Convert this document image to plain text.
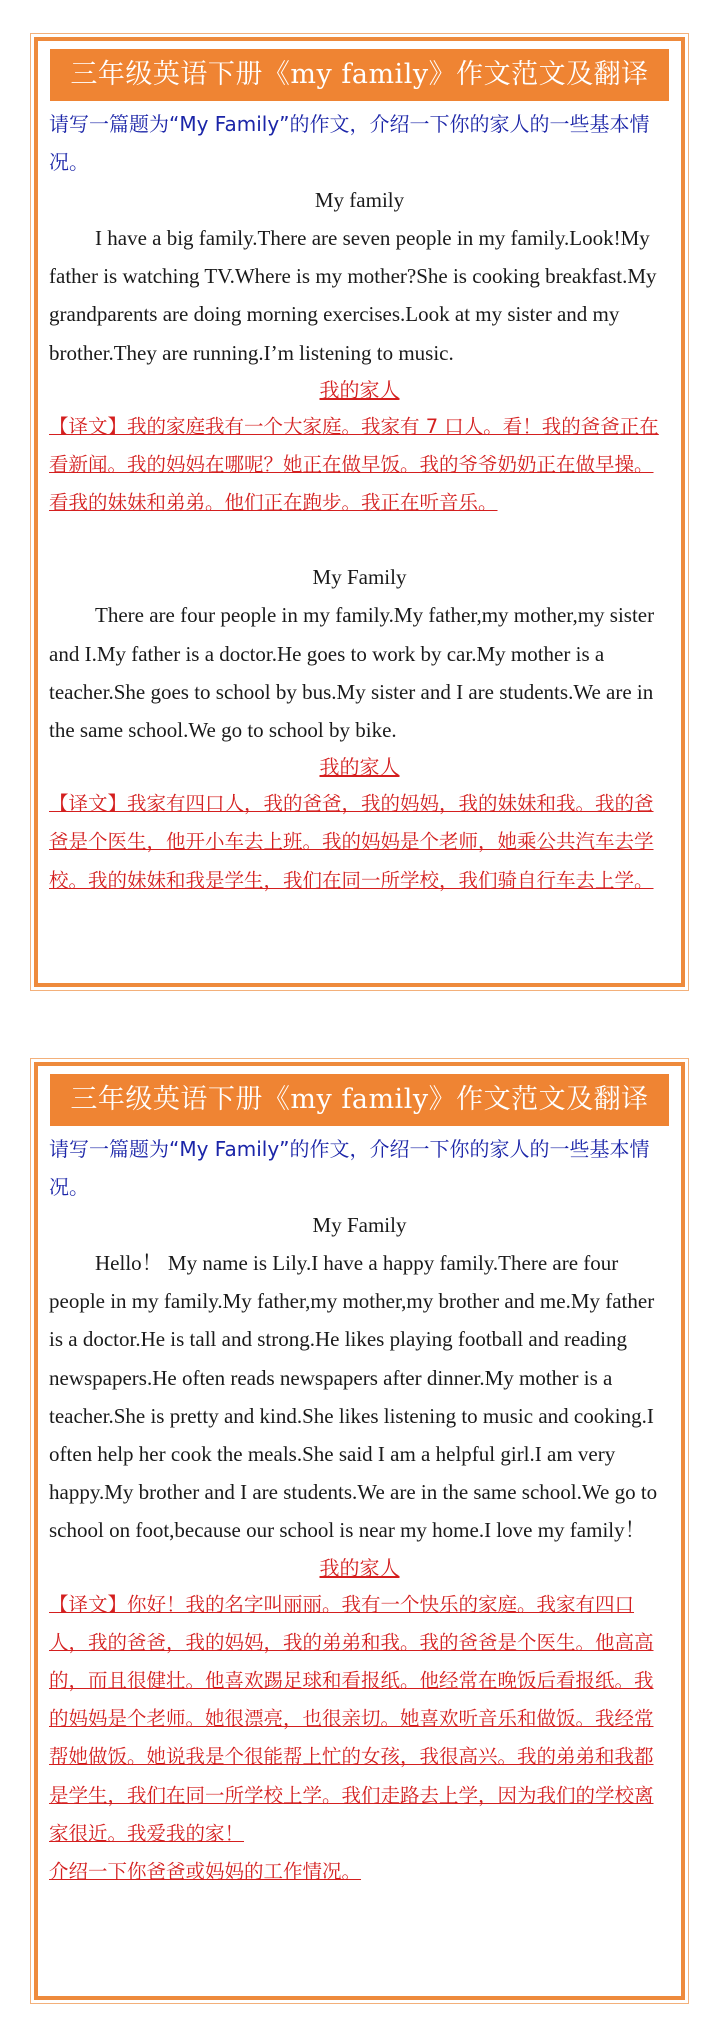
三年级英语下册《my family》作文范文及翻译
请写一篇题为“My Family”的作文，介绍一下你的家人的一些基本情况。
My family
I have a big family.There are seven people in my family.Look!My father is watching TV.Where is my mother?She is cooking breakfast.My grandparents are doing morning exercises.Look at my sister and my brother.They are running.I’m listening to music.
我的家人
【译文】我的家庭我有一个大家庭。我家有 7 口人。看！我的爸爸正在看新闻。我的妈妈在哪呢？她正在做早饭。我的爷爷奶奶正在做早操。看我的妹妹和弟弟。他们正在跑步。我正在听音乐。
My Family
There are four people in my family.My father,my mother,my sister and I.My father is a doctor.He goes to work by car.My mother is a teacher.She goes to school by bus.My sister and I are students.We are in the same school.We go to school by bike.
我的家人
【译文】我家有四口人，我的爸爸，我的妈妈，我的妹妹和我。我的爸爸是个医生，他开小车去上班。我的妈妈是个老师，她乘公共汽车去学校。我的妹妹和我是学生，我们在同一所学校，我们骑自行车去上学。
三年级英语下册《my family》作文范文及翻译
请写一篇题为“My Family”的作文，介绍一下你的家人的一些基本情况。
My Family
Hello！ My name is Lily.I have a happy family.There are four people in my family.My father,my mother,my brother and me.My father is a doctor.He is tall and strong.He likes playing football and reading newspapers.He often reads newspapers after dinner.My mother is a teacher.She is pretty and kind.She likes listening to music and cooking.I often help her cook the meals.She said I am a helpful girl.I am very happy.My brother and I are students.We are in the same school.We go to school on foot,because our school is near my home.I love my family！
我的家人
【译文】你好！我的名字叫丽丽。我有一个快乐的家庭。我家有四口人，我的爸爸，我的妈妈，我的弟弟和我。我的爸爸是个医生。他高高的，而且很健壮。他喜欢踢足球和看报纸。他经常在晚饭后看报纸。我的妈妈是个老师。她很漂亮，也很亲切。她喜欢听音乐和做饭。我经常帮她做饭。她说我是个很能帮上忙的女孩，我很高兴。我的弟弟和我都是学生，我们在同一所学校上学。我们走路去上学，因为我们的学校离家很近。我爱我的家！
介绍一下你爸爸或妈妈的工作情况。
